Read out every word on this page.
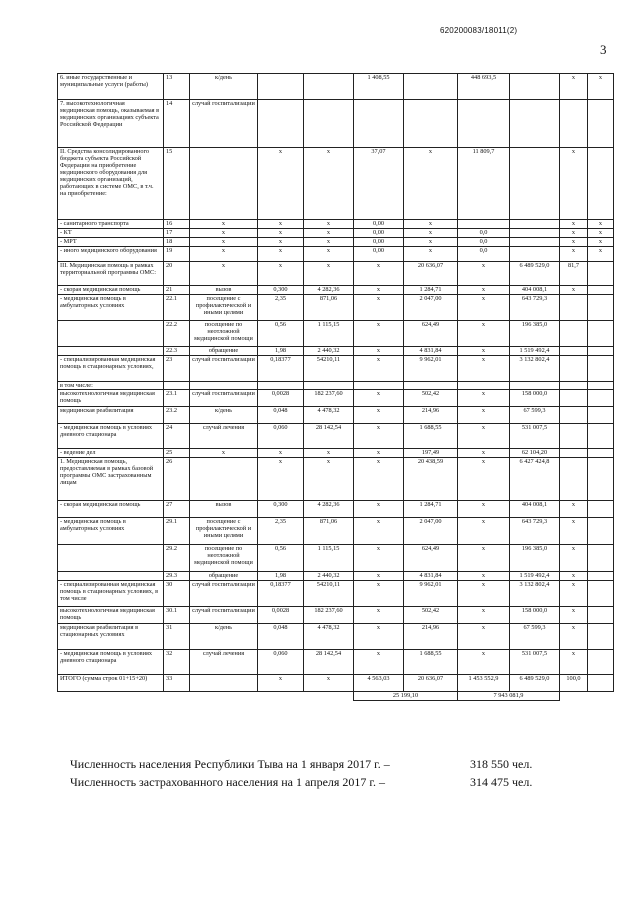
620200083/18011(2)
3
6. иные государственные и муниципальные услуги (работы)	13	к/день			1 408,55		448 693,5		x	x
7. высокотехнологичная медицинская помощь, оказываемая в медицинских организациях субъекта Российской Федерации	14	случай госпитализации								
II. Средства консолидированного бюджета субъекта Российской Федерации на приобретение медицинского оборудования для медицинских организаций, работающих в системе ОМС, в т.ч. на приобретение:	15		x	x	37,07	x	11 809,7		x	
- санитарного транспорта	16	x	x	x	0,00	x			x	x
- КТ	17	x	x	x	0,00	x	0,0		x	x
- МРТ	18	x	x	x	0,00	x	0,0		x	x
- иного медицинского оборудования	19	x	x	x	0,00	x	0,0		x	x
III. Медицинская помощь в рамках территориальной программы ОМС:	20	x	x	x	x	20 636,07	x	6 489 529,0	81,7	
- скорая медицинская помощь	21	вызов	0,300	4 282,36	x	1 284,71	x	404 008,1	x	
- медицинская помощь в амбулаторных условиях	22.1	посещение с профилактической и иными целями	2,35	871,06	x	2 047,00	x	643 729,3		
	22.2	посещение по неотложной медицинской помощи	0,56	1 115,15	x	624,49	x	196 385,0		
	22.3	обращение	1,98	2 440,32	x	4 831,84	x	1 519 492,4		
- специализированная медицинская помощь в стационарных условиях,	23	случай госпитализации	0,18377	54210,11	x	9 962,01	x	3 132 802,4		
в том числе:										
высокотехнологичная медицинская помощь	23.1	случай госпитализации	0,0028	182 237,60	x	502,42	x	158 000,0		
медицинская реабилитация	23.2	к/день	0,048	4 478,32	x	214,96	x	67 599,3		
- медицинская помощь в условиях дневного стационара	24	случай лечения	0,060	28 142,54	x	1 688,55	x	531 007,5		
- ведение дел	25	x	x	x	x	197,49	x	62 104,20		
1. Медицинская помощь, предоставляемая в рамках базовой программы ОМС застрахованным лицам	26		x	x	x	20 438,59	x	6 427 424,8		
- скорая медицинская помощь	27	вызов	0,300	4 282,36	x	1 284,71	x	404 008,1	x	
- медицинская помощь в амбулаторных условиях	29.1	посещение с профилактической и иными целями	2,35	871,06	x	2 047,00	x	643 729,3	x	
	29.2	посещение по неотложной медицинской помощи	0,56	1 115,15	x	624,49	x	196 385,0	x	
	29.3	обращение	1,98	2 440,32	x	4 831,84	x	1 519 492,4	x	
- специализированная медицинская помощь в стационарных условиях, в том числе	30	случай госпитализации	0,18377	54210,11	x	9 962,01	x	3 132 802,4	x	
высокотехнологичная медицинская помощь	30.1	случай госпитализации	0,0028	182 237,60	x	502,42	x	158 000,0	x	
медицинская реабилитация в стационарных условиях	31	к/день	0,048	4 478,32	x	214,96	x	67 599,3	x	
- медицинская помощь в условиях дневного стационара	32	случай лечения	0,060	28 142,54	x	1 688,55	x	531 007,5	x	
ИТОГО (сумма строк 01+15+20)	33		x	x	4 563,03	20 636,07	1 453 552,9	6 489 529,0	100,0	
					25 199,10		7 943 081,9			
Численность населения Республики Тыва на 1 января 2017 г. –	318 550 чел.
Численность застрахованного населения на 1 апреля 2017 г. –	314 475 чел.
